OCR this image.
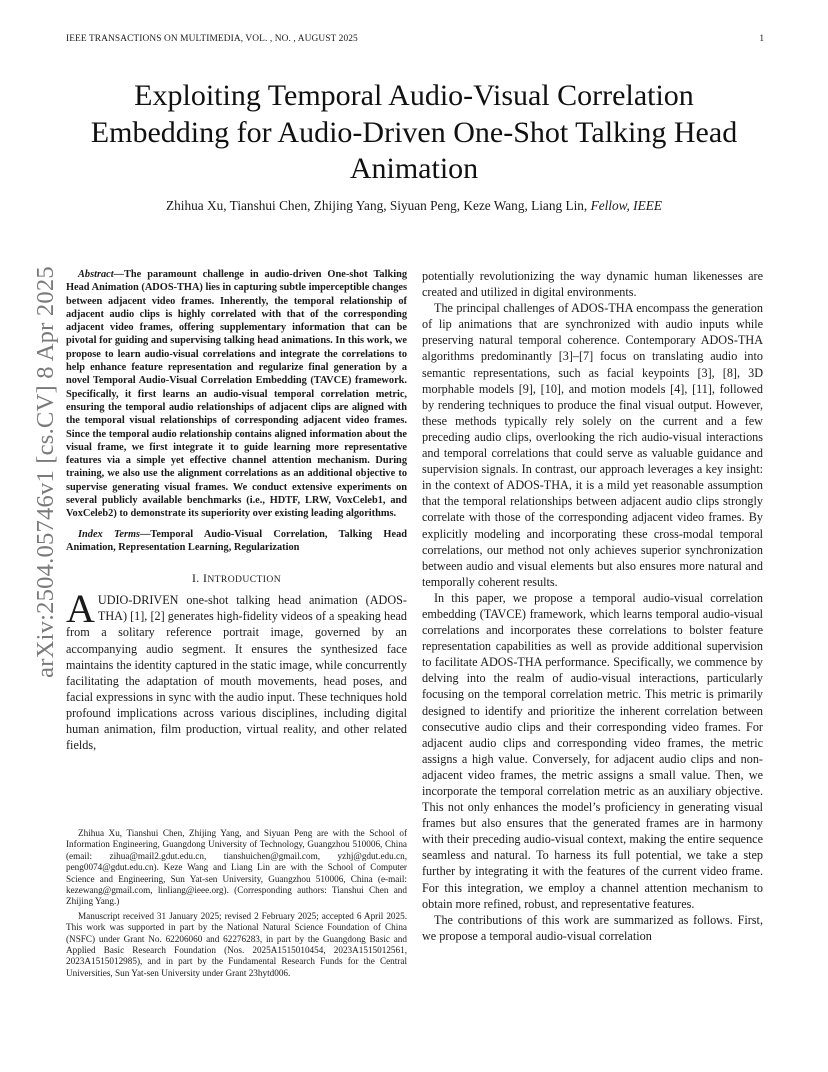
IEEE TRANSACTIONS ON MULTIMEDIA, VOL. , NO. , AUGUST 2025	1
arXiv:2504.05746v1 [cs.CV] 8 Apr 2025
Exploiting Temporal Audio-Visual Correlation Embedding for Audio-Driven One-Shot Talking Head Animation
Zhihua Xu, Tianshui Chen, Zhijing Yang, Siyuan Peng, Keze Wang, Liang Lin, Fellow, IEEE
Abstract—The paramount challenge in audio-driven One-shot Talking Head Animation (ADOS-THA) lies in capturing subtle imperceptible changes between adjacent video frames. Inherently, the temporal relationship of adjacent audio clips is highly correlated with that of the corresponding adjacent video frames, offering supplementary information that can be pivotal for guiding and supervising talking head animations. In this work, we propose to learn audio-visual correlations and integrate the correlations to help enhance feature representation and regularize final generation by a novel Temporal Audio-Visual Correlation Embedding (TAVCE) framework. Specifically, it first learns an audio-visual temporal correlation metric, ensuring the temporal audio relationships of adjacent clips are aligned with the temporal visual relationships of corresponding adjacent video frames. Since the temporal audio relationship contains aligned information about the visual frame, we first integrate it to guide learning more representative features via a simple yet effective channel attention mechanism. During training, we also use the alignment correlations as an additional objective to supervise generating visual frames. We conduct extensive experiments on several publicly available benchmarks (i.e., HDTF, LRW, VoxCeleb1, and VoxCeleb2) to demonstrate its superiority over existing leading algorithms.
Index Terms—Temporal Audio-Visual Correlation, Talking Head Animation, Representation Learning, Regularization
I. INTRODUCTION
AUDIO-DRIVEN one-shot talking head animation (ADOS-THA) [1], [2] generates high-fidelity videos of a speaking head from a solitary reference portrait image, governed by an accompanying audio segment. It ensures the synthesized face maintains the identity captured in the static image, while concurrently facilitating the adaptation of mouth movements, head poses, and facial expressions in sync with the audio input. These techniques hold profound implications across various disciplines, including digital human animation, film production, virtual reality, and other related fields,

Zhihua Xu, Tianshui Chen, Zhijing Yang, and Siyuan Peng are with the School of Information Engineering, Guangdong University of Technology, Guangzhou 510006, China (email: zihua@mail2.gdut.edu.cn, tianshuichen@gmail.com, yzhj@gdut.edu.cn, peng0074@gdut.edu.cn). Keze Wang and Liang Lin are with the School of Computer Science and Engineering, Sun Yat-sen University, Guangzhou 510006, China (e-mail: kezewang@gmail.com, linliang@ieee.org). (Corresponding authors: Tianshui Chen and Zhijing Yang.)

Manuscript received 31 January 2025; revised 2 February 2025; accepted 6 April 2025. This work was supported in part by the National Natural Science Foundation of China (NSFC) under Grant No. 62206060 and 62276283, in part by the Guangdong Basic and Applied Basic Research Foundation (Nos. 2025A1515010454, 2023A1515012561, 2023A1515012985), and in part by the Fundamental Research Funds for the Central Universities, Sun Yat-sen University under Grant 23hytd006.

potentially revolutionizing the way dynamic human likenesses are created and utilized in digital environments.

The principal challenges of ADOS-THA encompass the generation of lip animations that are synchronized with audio inputs while preserving natural temporal coherence. Contemporary ADOS-THA algorithms predominantly [3]–[7] focus on translating audio into semantic representations, such as facial keypoints [3], [8], 3D morphable models [9], [10], and motion models [4], [11], followed by rendering techniques to produce the final visual output. However, these methods typically rely solely on the current and a few preceding audio clips, overlooking the rich audio-visual interactions and temporal correlations that could serve as valuable guidance and supervision signals. In contrast, our approach leverages a key insight: in the context of ADOS-THA, it is a mild yet reasonable assumption that the temporal relationships between adjacent audio clips strongly correlate with those of the corresponding adjacent video frames. By explicitly modeling and incorporating these cross-modal temporal correlations, our method not only achieves superior synchronization between audio and visual elements but also ensures more natural and temporally coherent results.

In this paper, we propose a temporal audio-visual correlation embedding (TAVCE) framework, which learns temporal audio-visual correlations and incorporates these correlations to bolster feature representation capabilities as well as provide additional supervision to facilitate ADOS-THA performance. Specifically, we commence by delving into the realm of audio-visual interactions, particularly focusing on the temporal correlation metric. This metric is primarily designed to identify and prioritize the inherent correlation between consecutive audio clips and their corresponding video frames. For adjacent audio clips and corresponding video frames, the metric assigns a high value. Conversely, for adjacent audio clips and non-adjacent video frames, the metric assigns a small value. Then, we incorporate the temporal correlation metric as an auxiliary objective. This not only enhances the model’s proficiency in generating visual frames but also ensures that the generated frames are in harmony with their preceding audio-visual context, making the entire sequence seamless and natural. To harness its full potential, we take a step further by integrating it with the features of the current video frame. For this integration, we employ a channel attention mechanism to obtain more refined, robust, and representative features.

The contributions of this work are summarized as follows. First, we propose a temporal audio-visual correlation
